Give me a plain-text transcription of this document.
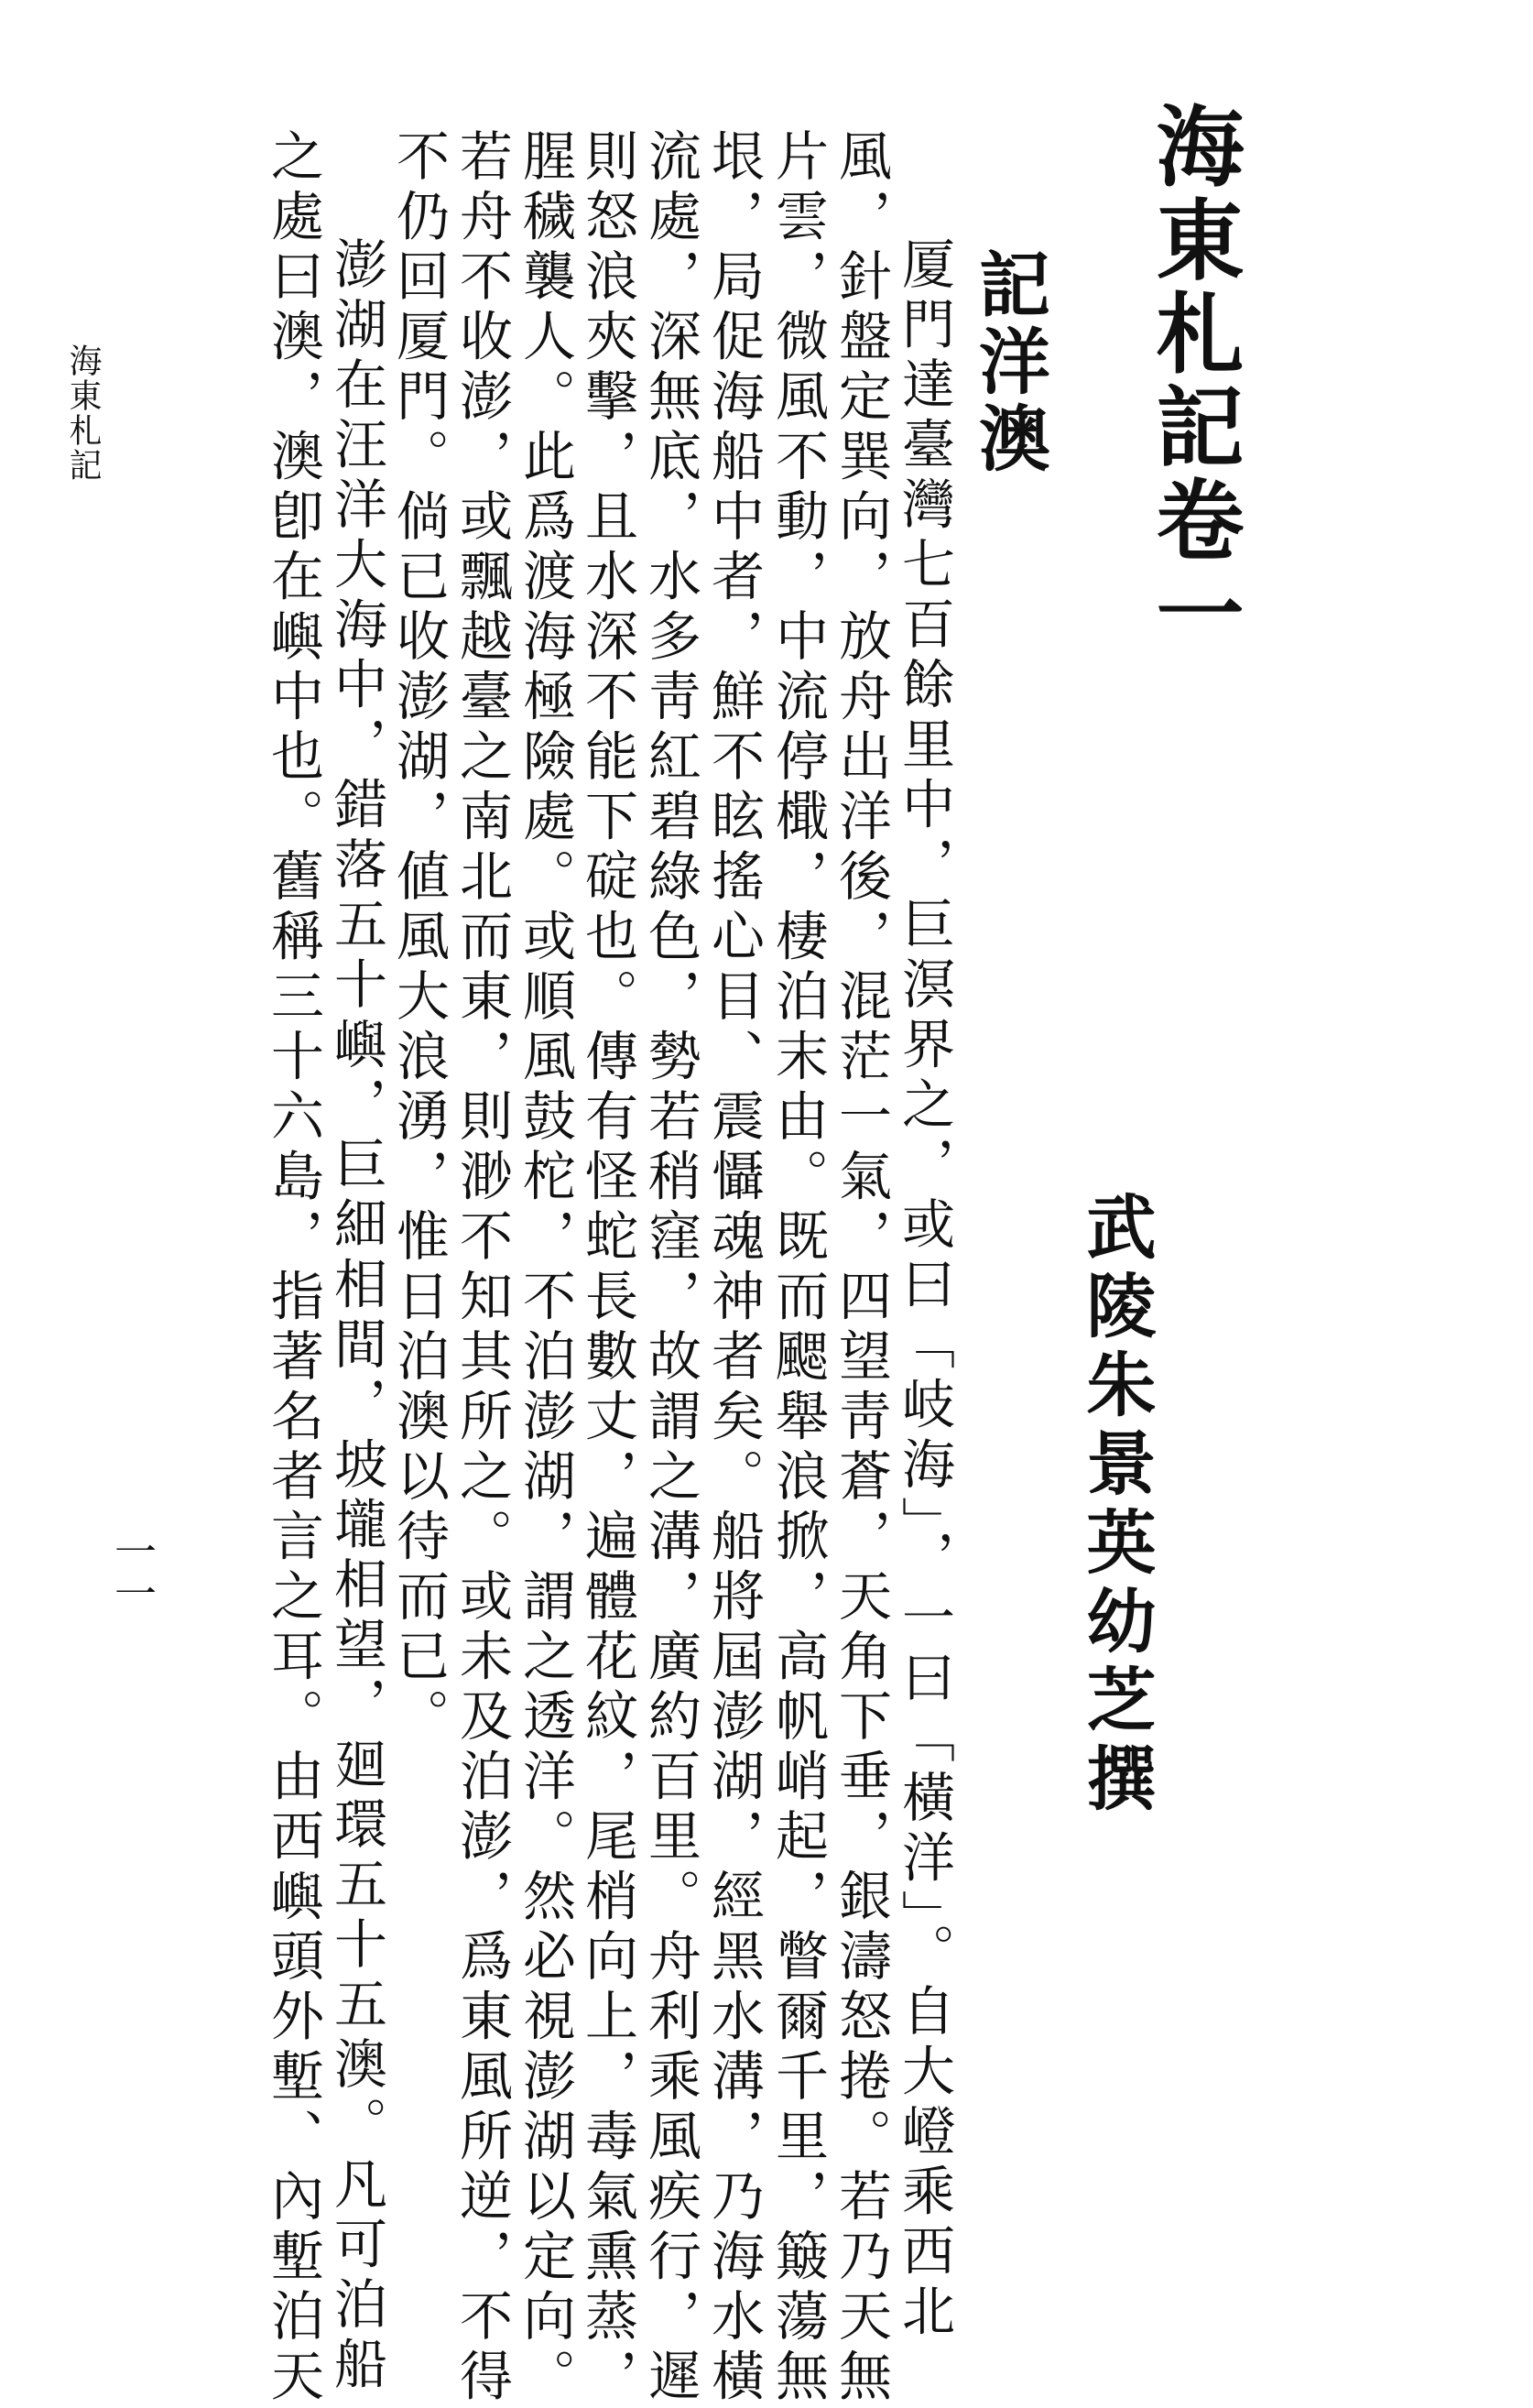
海東札記卷一
武陵朱景英幼芝撰
記洋澳

厦門達臺灣七百餘里中，巨溟界之，或曰「岐海」，一曰「橫洋」。自大嶝乘西北

風，針盤定巽向，放舟出洋後，混茫一氣，四望靑蒼，天角下垂，銀濤怒捲。若乃天無

片雲，微風不動，中流停檝，棲泊末由。既而颸舉浪掀，高帆峭起，瞥爾千里，簸蕩無

垠，局促海船中者，鮮不眩搖心目、震懾魂神者矣。船將屆澎湖，經黑水溝，乃海水橫

流處，深無底，水多靑紅碧綠色，勢若稍窪，故謂之溝，廣約百里。舟利乘風疾行，遲

則怒浪夾擊，且水深不能下碇也。傳有怪蛇長數丈，遍體花紋，尾梢向上，毒氣熏蒸，

腥穢襲人。此爲渡海極險處。或順風鼓柁，不泊澎湖，謂之透洋。然必視澎湖以定向。

若舟不收澎，或飄越臺之南北而東，則渺不知其所之。或未及泊澎，爲東風所逆，不得

不仍回厦門。倘已收澎湖，値風大浪湧，惟日泊澳以待而已。

澎湖在汪洋大海中，錯落五十嶼，巨細相間，坡壠相望，廻環五十五澳。凡可泊船

之處曰澳，澳卽在嶼中也。舊稱三十六島，指著名者言之耳。由西嶼頭外塹、內塹泊天

海東札記
一一
